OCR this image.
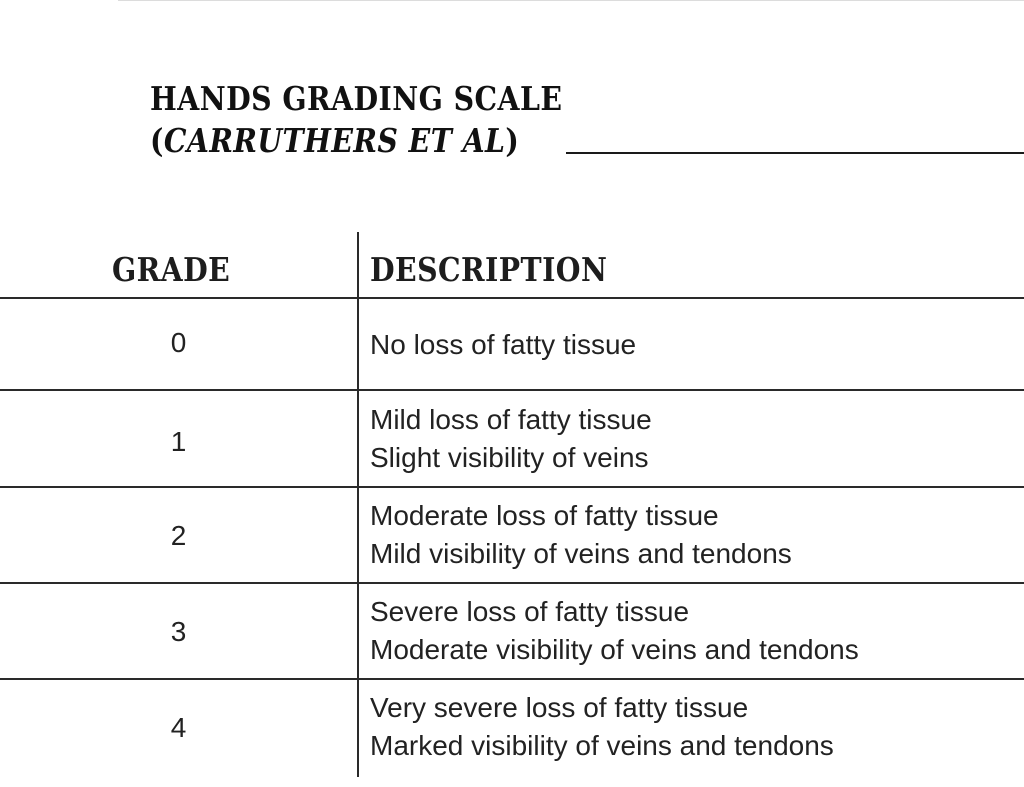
HANDS GRADING SCALE
(CARRUTHERS ET AL)
GRADE	DESCRIPTION
0	No loss of fatty tissue
1
Mild loss of fatty tissue
Slight visibility of veins
2
Moderate loss of fatty tissue
Mild visibility of veins and tendons
3
Severe loss of fatty tissue
Moderate visibility of veins and tendons
4
Very severe loss of fatty tissue
Marked visibility of veins and tendons
